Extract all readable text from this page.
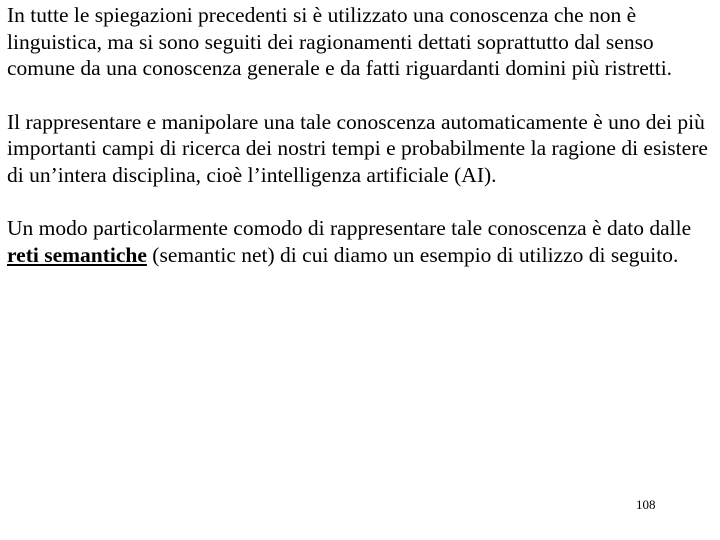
In tutte le spiegazioni precedenti si è utilizzato una conoscenza che non è linguistica, ma si sono seguiti dei ragionamenti dettati soprattutto dal senso comune da una conoscenza generale e da fatti riguardanti domini più ristretti.

Il rappresentare e manipolare una tale conoscenza automaticamente è uno dei più importanti campi di ricerca dei nostri tempi e probabilmente la ragione di esistere di un’intera disciplina, cioè l’intelligenza artificiale (AI).

Un modo particolarmente comodo di rappresentare tale conoscenza è dato dalle reti semantiche (semantic net) di cui diamo un esempio di utilizzo di seguito.

108
